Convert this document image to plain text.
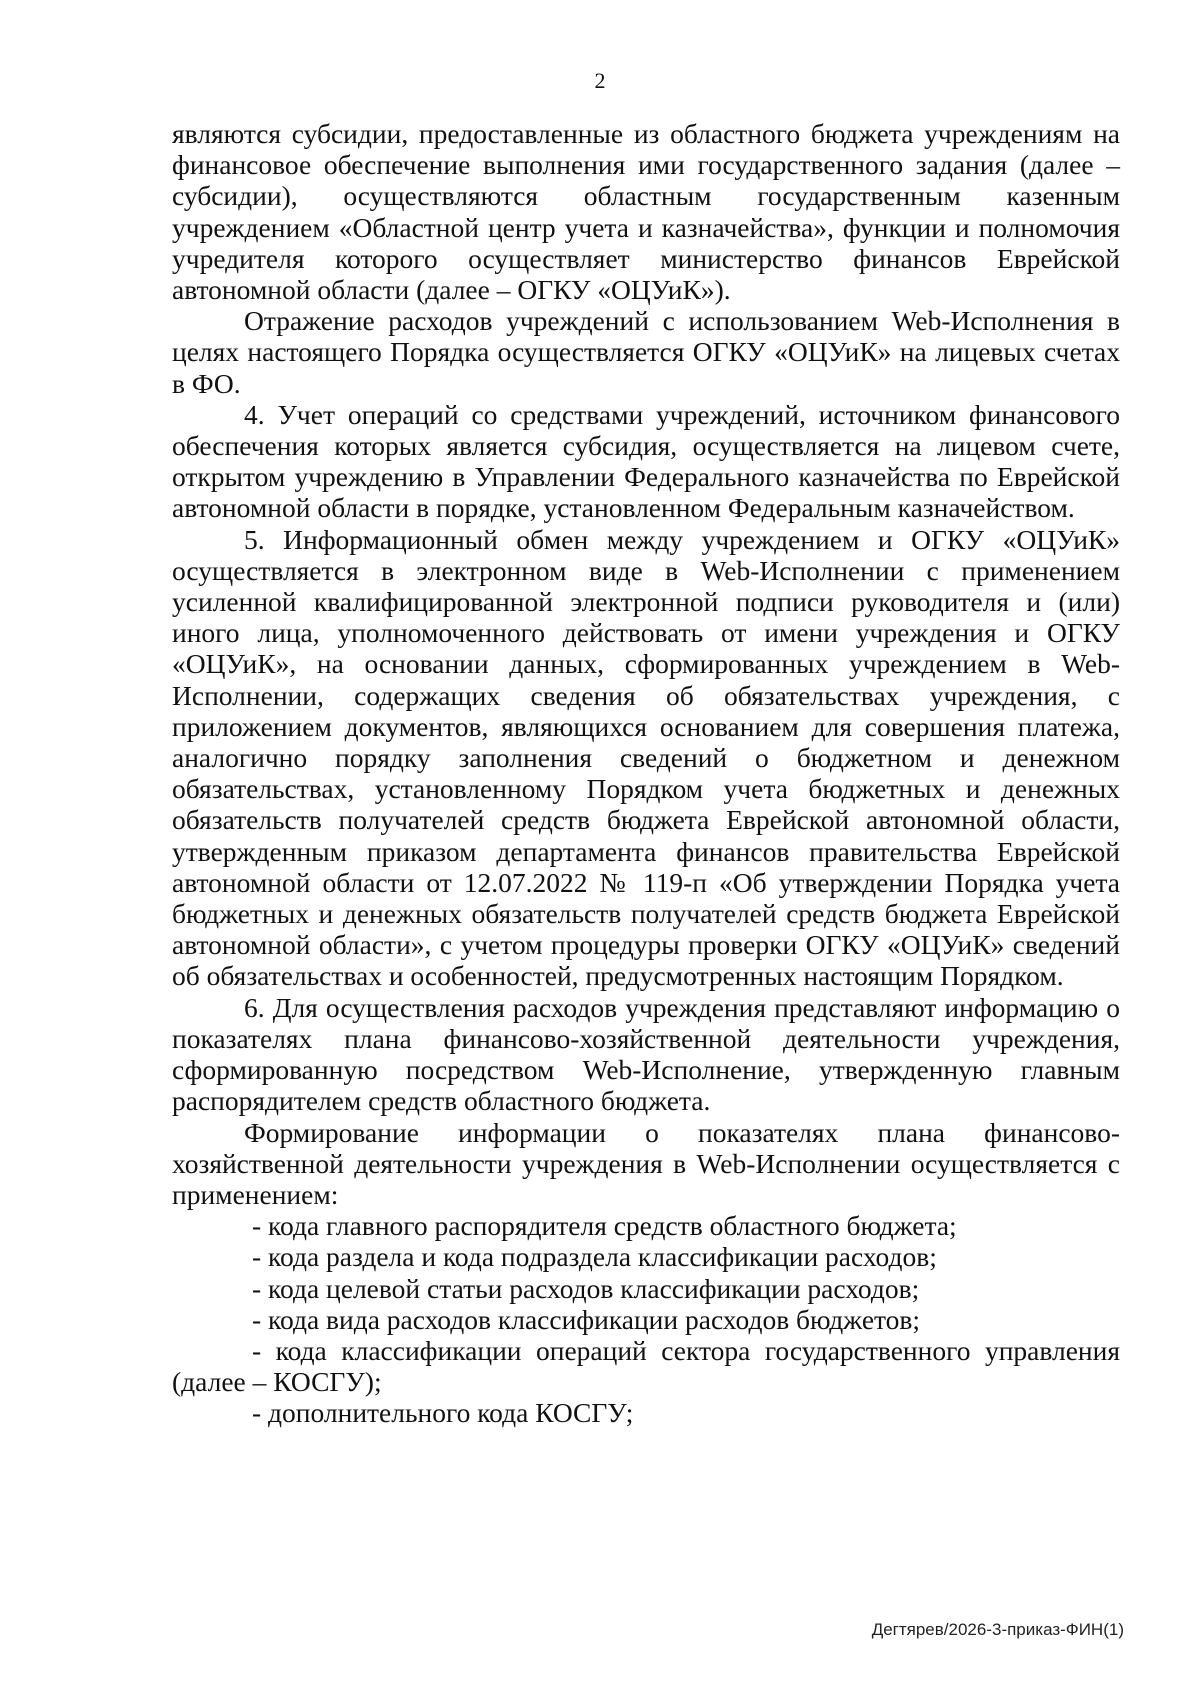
2

являются субсидии, предоставленные из областного бюджета учреждениям на финансовое обеспечение выполнения ими государственного задания (далее – субсидии), осуществляются областным государственным казенным учреждением «Областной центр учета и казначейства», функции и полномочия учредителя которого осуществляет министерство финансов Еврейской автономной области (далее – ОГКУ «ОЦУиК»).

Отражение расходов учреждений с использованием Web-Исполнения в целях настоящего Порядка осуществляется ОГКУ «ОЦУиК» на лицевых счетах в ФО.

4. Учет операций со средствами учреждений, источником финансового обеспечения которых является субсидия, осуществляется на лицевом счете, открытом учреждению в Управлении Федерального казначейства по Еврейской автономной области в порядке, установленном Федеральным казначейством.

5. Информационный обмен между учреждением и ОГКУ «ОЦУиК» осуществляется в электронном виде в Web-Исполнении с применением усиленной квалифицированной электронной подписи руководителя и (или) иного лица, уполномоченного действовать от имени учреждения и ОГКУ «ОЦУиК», на основании данных, сформированных учреждением в Web-Исполнении, содержащих сведения об обязательствах учреждения, с приложением документов, являющихся основанием для совершения платежа, аналогично порядку заполнения сведений о бюджетном и денежном обязательствах, установленному Порядком учета бюджетных и денежных обязательств получателей средств бюджета Еврейской автономной области, утвержденным приказом департамента финансов правительства Еврейской автономной области от 12.07.2022 № 119-п «Об утверждении Порядка учета бюджетных и денежных обязательств получателей средств бюджета Еврейской автономной области», с учетом процедуры проверки ОГКУ «ОЦУиК» сведений об обязательствах и особенностей, предусмотренных настоящим Порядком.

6. Для осуществления расходов учреждения представляют информацию о показателях плана финансово-хозяйственной деятельности учреждения, сформированную посредством Web-Исполнение, утвержденную главным распорядителем средств областного бюджета.

Формирование информации о показателях плана финансово-хозяйственной деятельности учреждения в Web-Исполнении осуществляется с применением:

- кода главного распорядителя средств областного бюджета;

- кода раздела и кода подраздела классификации расходов;

- кода целевой статьи расходов классификации расходов;

- кода вида расходов классификации расходов бюджетов;

- кода классификации операций сектора государственного управления (далее – КОСГУ);

- дополнительного кода КОСГУ;

Дегтярев/2026-3-приказ-ФИН(1)
